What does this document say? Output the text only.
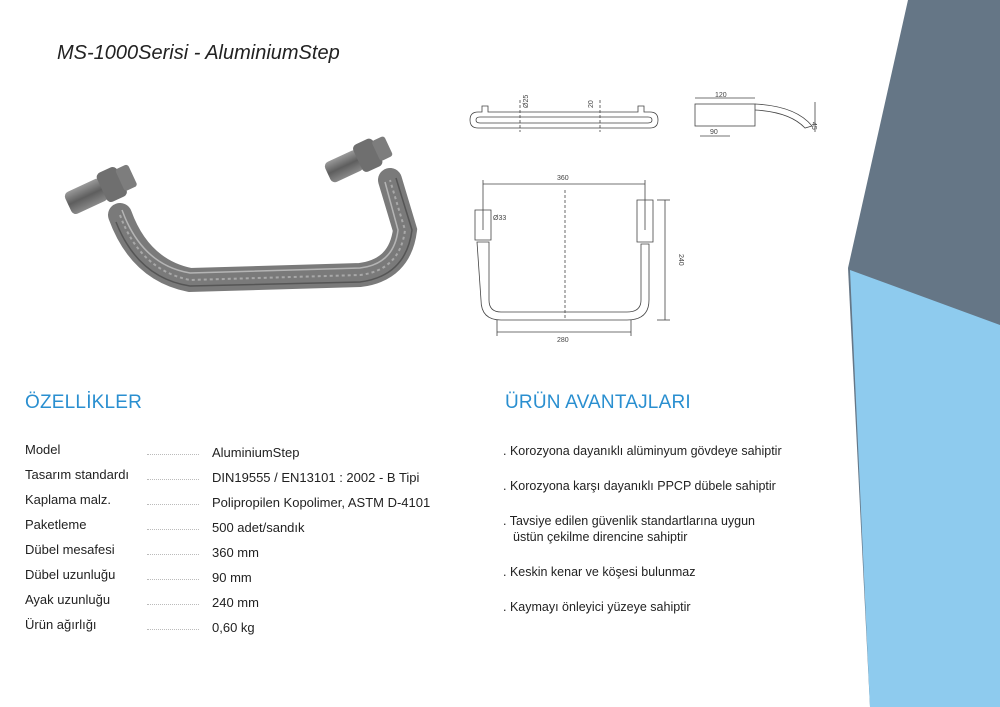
MS-1000Serisi - AluminiumStep
Ø25	20
120
90
45
360
Ø33
240
280
ÖZELLİKLER
Model	AluminiumStep
Tasarım standardı	DIN19555 / EN13101 : 2002 - B Tipi
Kaplama malz.	Polipropilen Kopolimer, ASTM D-4101
Paketleme	500 adet/sandık
Dübel mesafesi	360 mm
Dübel uzunluğu	90 mm
Ayak uzunluğu	240 mm
Ürün ağırlığı	0,60 kg
ÜRÜN AVANTAJLARI
. Korozyona dayanıklı alüminyum gövdeye sahiptir
. Korozyona karşı dayanıklı PPCP dübele sahiptir
. Tavsiye edilen güvenlik standartlarına uygun
üstün çekilme direncine sahiptir
. Keskin kenar ve köşesi bulunmaz
. Kaymayı önleyici yüzeye sahiptir
